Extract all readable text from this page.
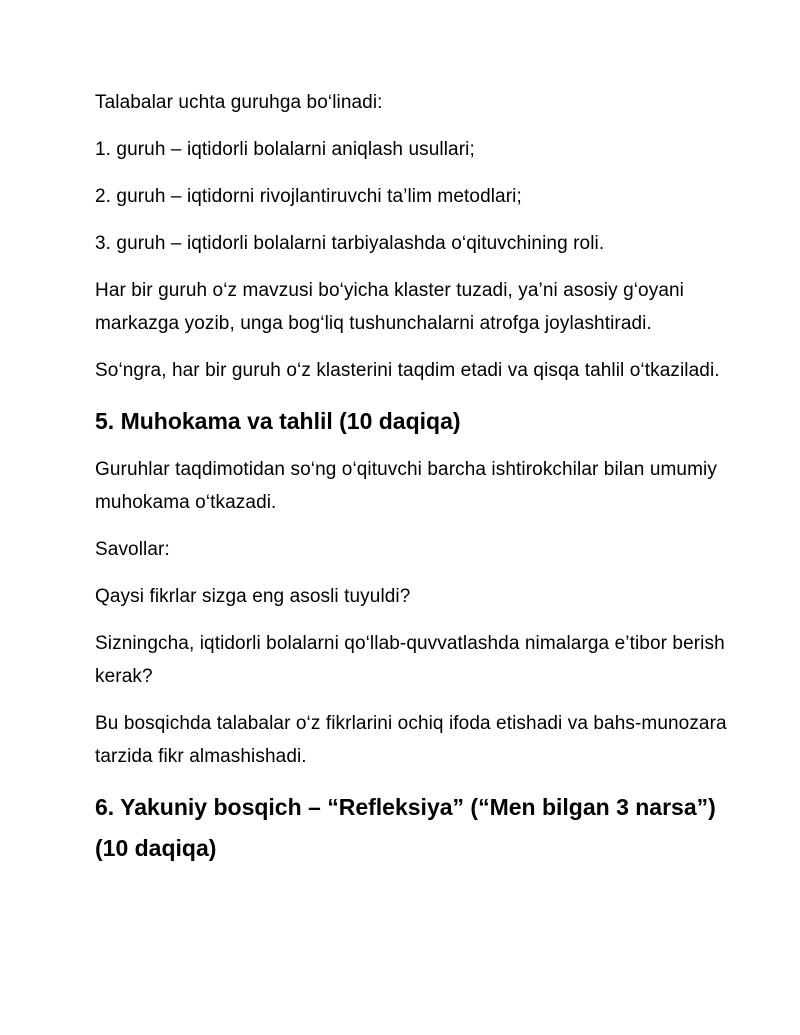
Talabalar uchta guruhga bo‘linadi:

1. guruh – iqtidorli bolalarni aniqlash usullari;

2. guruh – iqtidorni rivojlantiruvchi ta’lim metodlari;

3. guruh – iqtidorli bolalarni tarbiyalashda o‘qituvchining roli.

Har bir guruh o‘z mavzusi bo‘yicha klaster tuzadi, ya’ni asosiy g‘oyani markazga yozib, unga bog‘liq tushunchalarni atrofga joylashtiradi.

So‘ngra, har bir guruh o‘z klasterini taqdim etadi va qisqa tahlil o‘tkaziladi.

5. Muhokama va tahlil (10 daqiqa)

Guruhlar taqdimotidan so‘ng o‘qituvchi barcha ishtirokchilar bilan umumiy muhokama o‘tkazadi.

Savollar:

Qaysi fikrlar sizga eng asosli tuyuldi?

Sizningcha, iqtidorli bolalarni qo‘llab-quvvatlashda nimalarga e’tibor berish kerak?

Bu bosqichda talabalar o‘z fikrlarini ochiq ifoda etishadi va bahs-munozara tarzida fikr almashishadi.

6. Yakuniy bosqich – “Refleksiya” (“Men bilgan 3 narsa”) (10 daqiqa)
